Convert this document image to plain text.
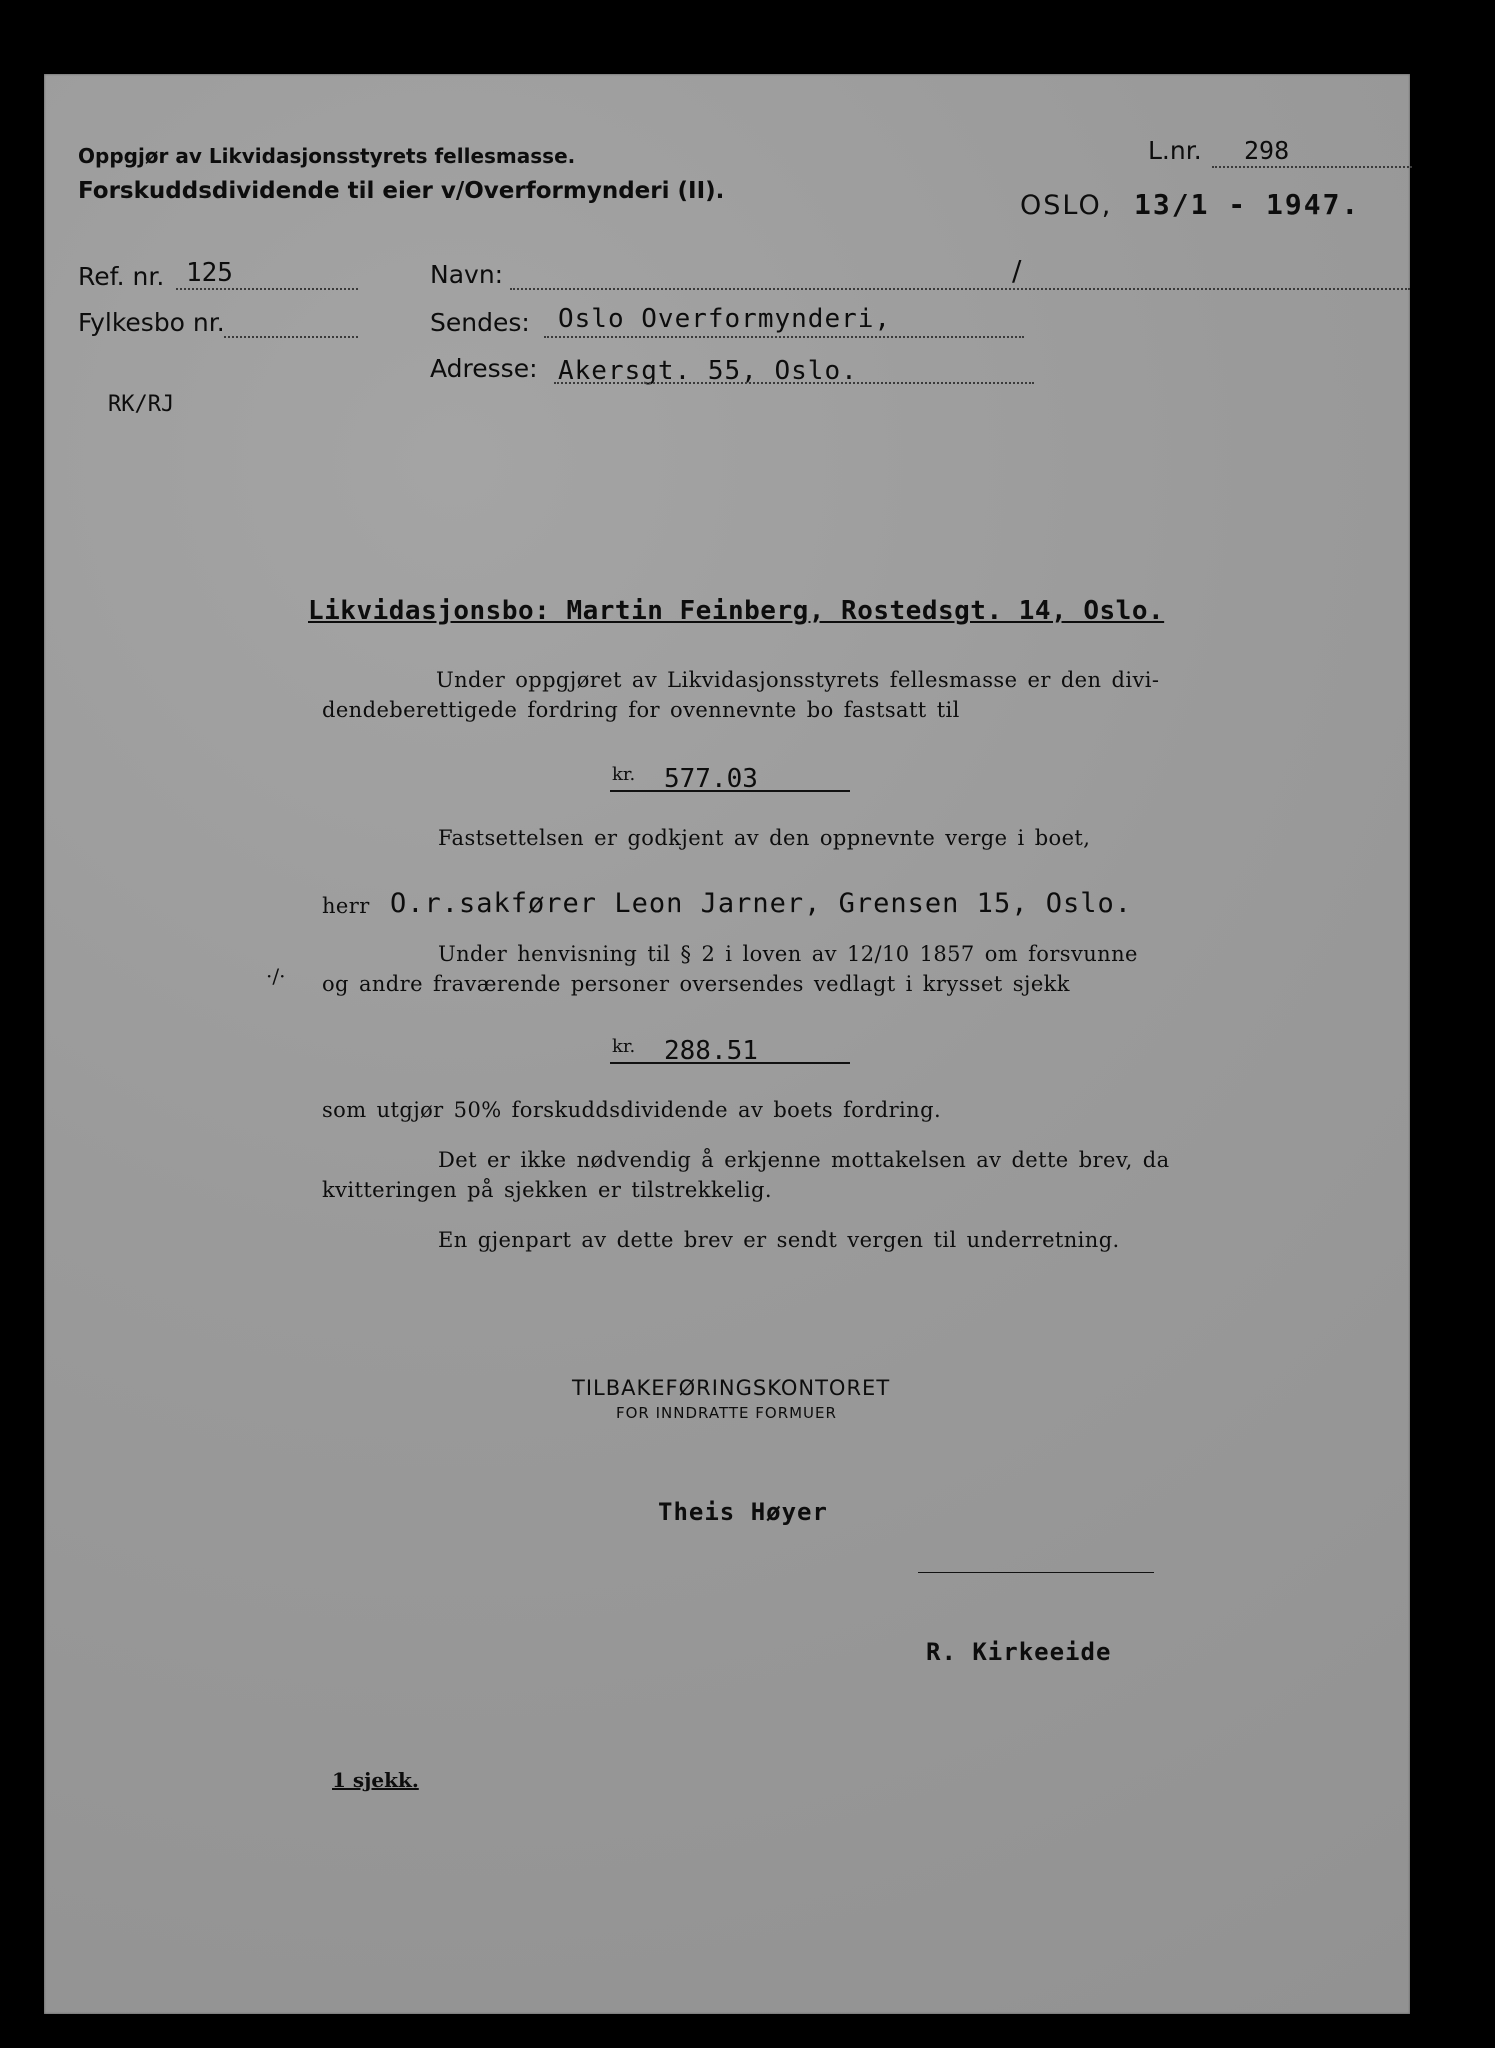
Oppgjør av Likvidasjonsstyrets fellesmasse.
Forskuddsdividende til eier v/Overformynderi (II).
L.nr. 298
OSLO, 13/1 - 1947.
Ref. nr. 125
Fylkesbo nr.
RK/RJ
Navn:	/
Sendes: Oslo Overformynderi,
Adresse: Akersgt. 55, Oslo.
Likvidasjonsbo: Martin Feinberg, Rostedsgt. 14, Oslo.
Under oppgjøret av Likvidasjonsstyrets fellesmasse er den divi-
dendeberettigede fordring for ovennevnte bo fastsatt til
kr. 577.03
Fastsettelsen er godkjent av den oppnevnte verge i boet,
herr O.r.sakfører Leon Jarner, Grensen 15, Oslo.
Under henvisning til § 2 i loven av 12/10 1857 om forsvunne
·/· og andre fraværende personer oversendes vedlagt i krysset sjekk
kr. 288.51
som utgjør 50% forskuddsdividende av boets fordring.
Det er ikke nødvendig å erkjenne mottakelsen av dette brev, da
kvitteringen på sjekken er tilstrekkelig.
En gjenpart av dette brev er sendt vergen til underretning.
TILBAKEFØRINGSKONTORET
FOR INNDRATTE FORMUER
Theis Høyer
R. Kirkeeide
1 sjekk.
